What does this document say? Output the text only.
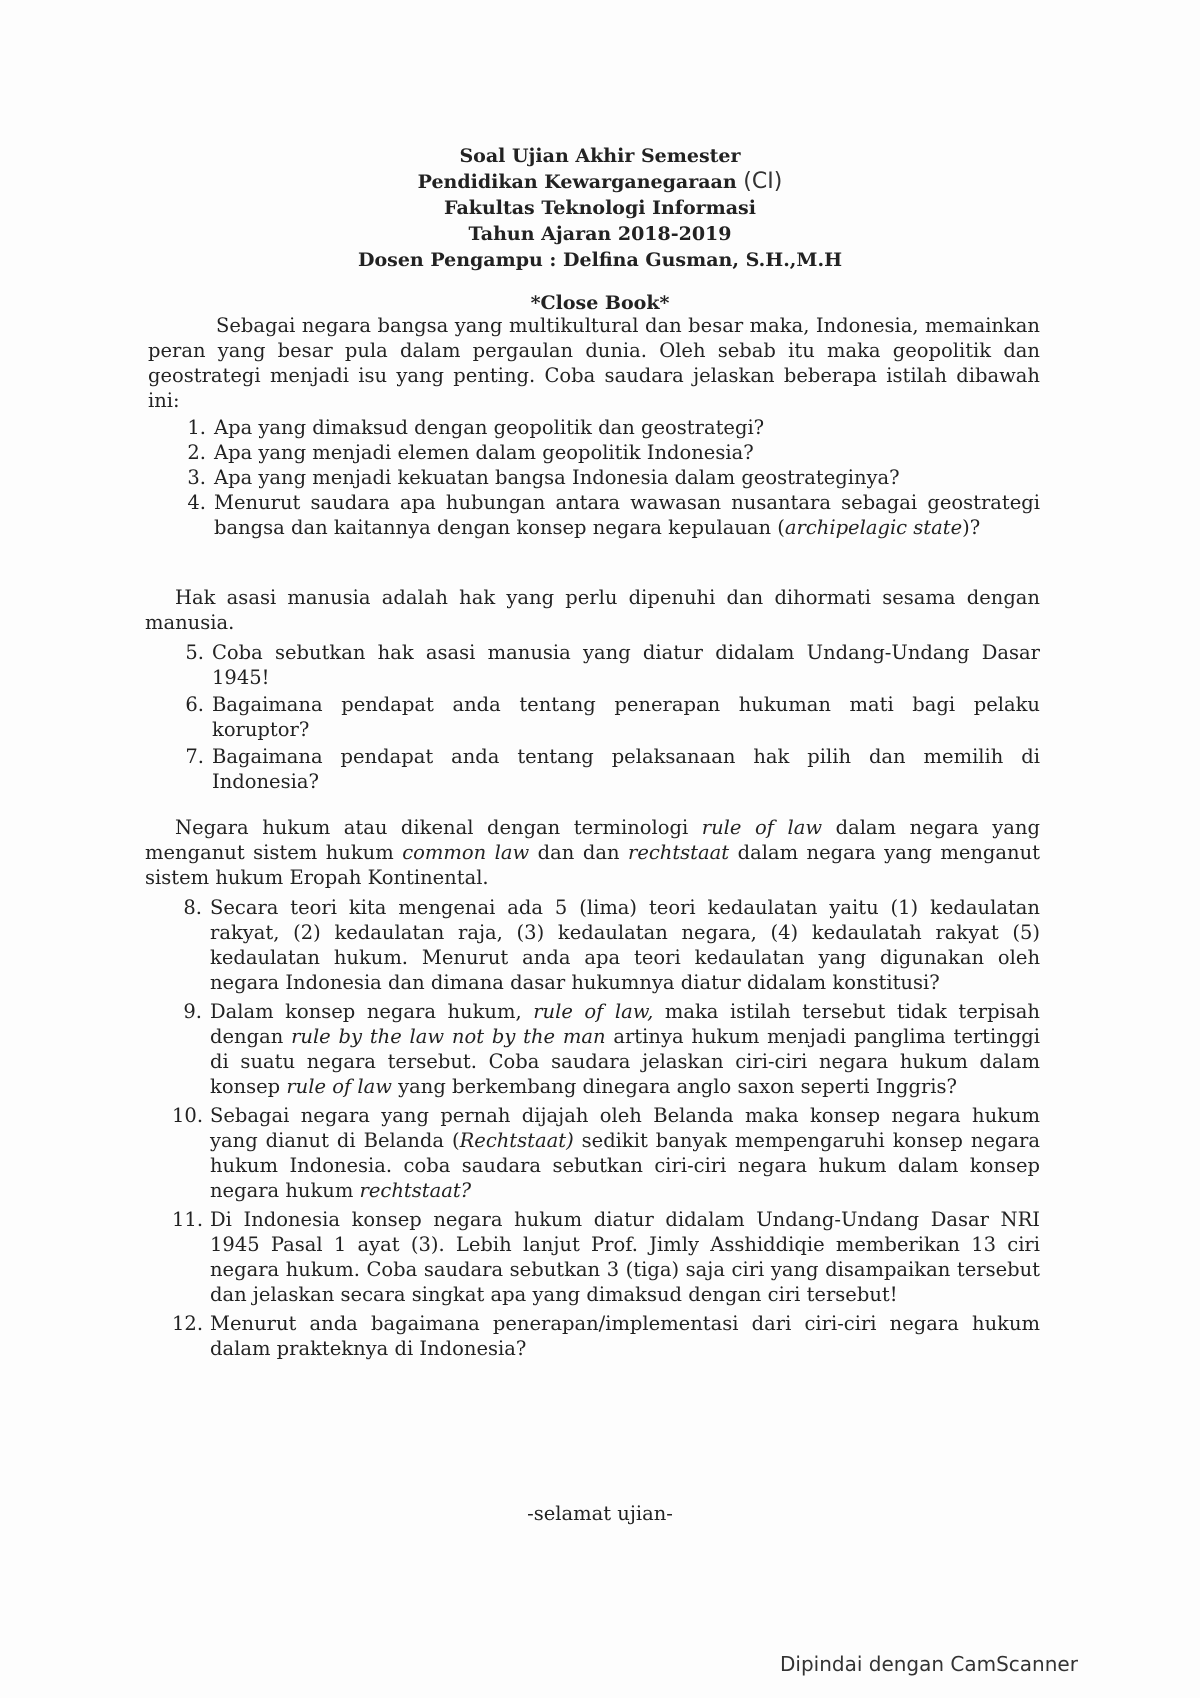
Soal Ujian Akhir Semester
Pendidikan Kewarganegaraan (CI)
Fakultas Teknologi Informasi
Tahun Ajaran 2018-2019
Dosen Pengampu : Delfina Gusman, S.H.,M.H
*Close Book*
Sebagai negara bangsa yang multikultural dan besar maka, Indonesia, memainkan peran yang besar pula dalam pergaulan dunia. Oleh sebab itu maka geopolitik dan geostrategi menjadi isu yang penting. Coba saudara jelaskan beberapa istilah dibawah ini:
1. Apa yang dimaksud dengan geopolitik dan geostrategi?
2. Apa yang menjadi elemen dalam geopolitik Indonesia?
3. Apa yang menjadi kekuatan bangsa Indonesia dalam geostrateginya?
4. Menurut saudara apa hubungan antara wawasan nusantara sebagai geostrategi bangsa dan kaitannya dengan konsep negara kepulauan (archipelagic state)?
Hak asasi manusia adalah hak yang perlu dipenuhi dan dihormati sesama dengan manusia.
5. Coba sebutkan hak asasi manusia yang diatur didalam Undang-Undang Dasar 1945!
6. Bagaimana pendapat anda tentang penerapan hukuman mati bagi pelaku koruptor?
7. Bagaimana pendapat anda tentang pelaksanaan hak pilih dan memilih di Indonesia?
Negara hukum atau dikenal dengan terminologi rule of law dalam negara yang menganut sistem hukum common law dan dan rechtstaat dalam negara yang menganut sistem hukum Eropah Kontinental.
8. Secara teori kita mengenai ada 5 (lima) teori kedaulatan yaitu (1) kedaulatan rakyat, (2) kedaulatan raja, (3) kedaulatan negara, (4) kedaulatah rakyat (5) kedaulatan hukum. Menurut anda apa teori kedaulatan yang digunakan oleh negara Indonesia dan dimana dasar hukumnya diatur didalam konstitusi?
9. Dalam konsep negara hukum, rule of law, maka istilah tersebut tidak terpisah dengan rule by the law not by the man artinya hukum menjadi panglima tertinggi di suatu negara tersebut. Coba saudara jelaskan ciri-ciri negara hukum dalam konsep rule of law yang berkembang dinegara anglo saxon seperti Inggris?
10. Sebagai negara yang pernah dijajah oleh Belanda maka konsep negara hukum yang dianut di Belanda (Rechtstaat) sedikit banyak mempengaruhi konsep negara hukum Indonesia. coba saudara sebutkan ciri-ciri negara hukum dalam konsep negara hukum rechtstaat?
11. Di Indonesia konsep negara hukum diatur didalam Undang-Undang Dasar NRI 1945 Pasal 1 ayat (3). Lebih lanjut Prof. Jimly Asshiddiqie memberikan 13 ciri negara hukum. Coba saudara sebutkan 3 (tiga) saja ciri yang disampaikan tersebut dan jelaskan secara singkat apa yang dimaksud dengan ciri tersebut!
12. Menurut anda bagaimana penerapan/implementasi dari ciri-ciri negara hukum dalam prakteknya di Indonesia?
-selamat ujian-
Dipindai dengan CamScanner
